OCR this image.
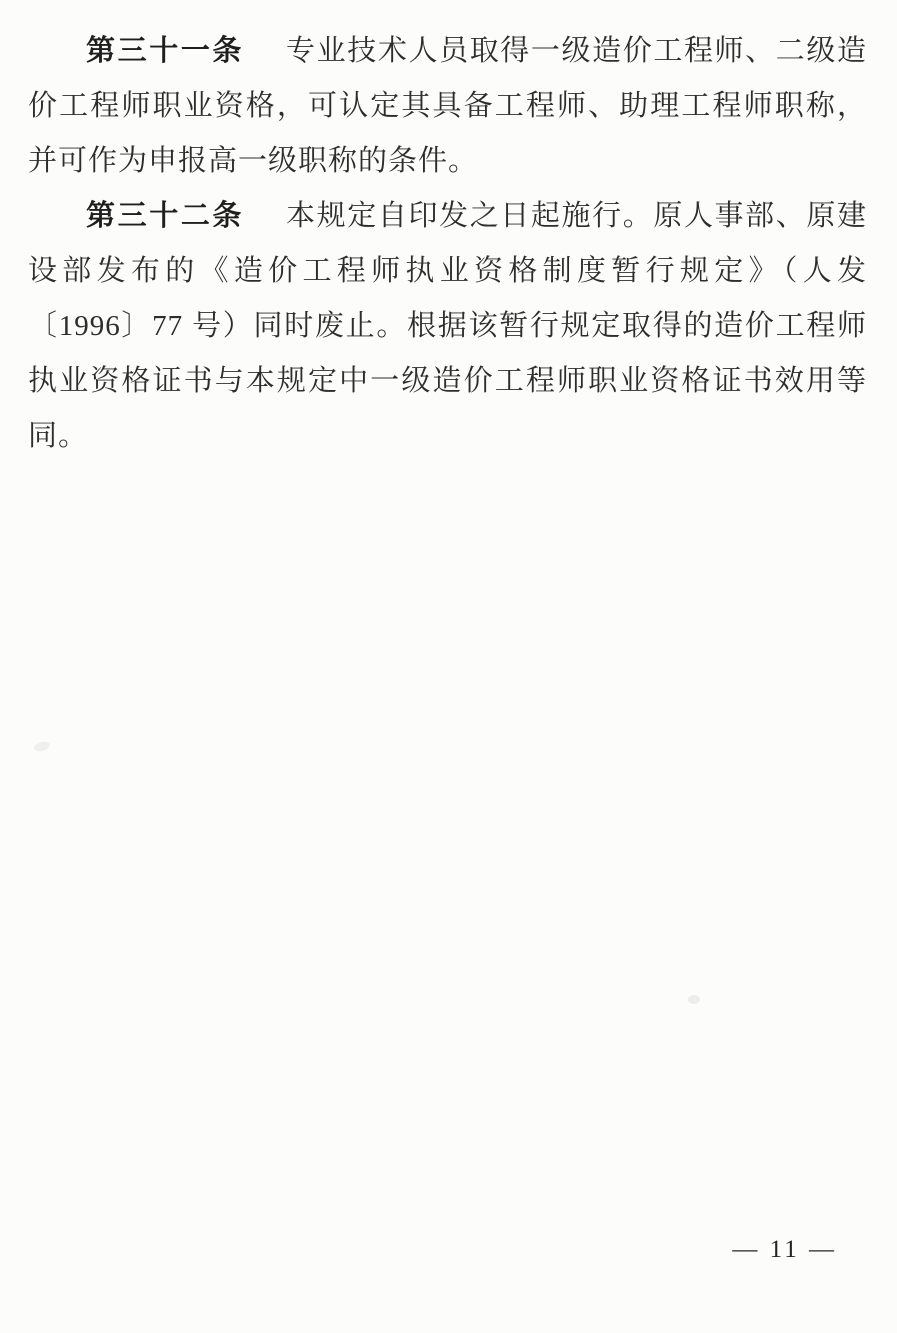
第三十一条 专业技术人员取得一级造价工程师、二级造价工程师职业资格，可认定其具备工程师、助理工程师职称，并可作为申报高一级职称的条件。

第三十二条 本规定自印发之日起施行。原人事部、原建设部发布的《造价工程师执业资格制度暂行规定》（人发〔1996〕77 号）同时废止。根据该暂行规定取得的造价工程师执业资格证书与本规定中一级造价工程师职业资格证书效用等同。

— 11 —
